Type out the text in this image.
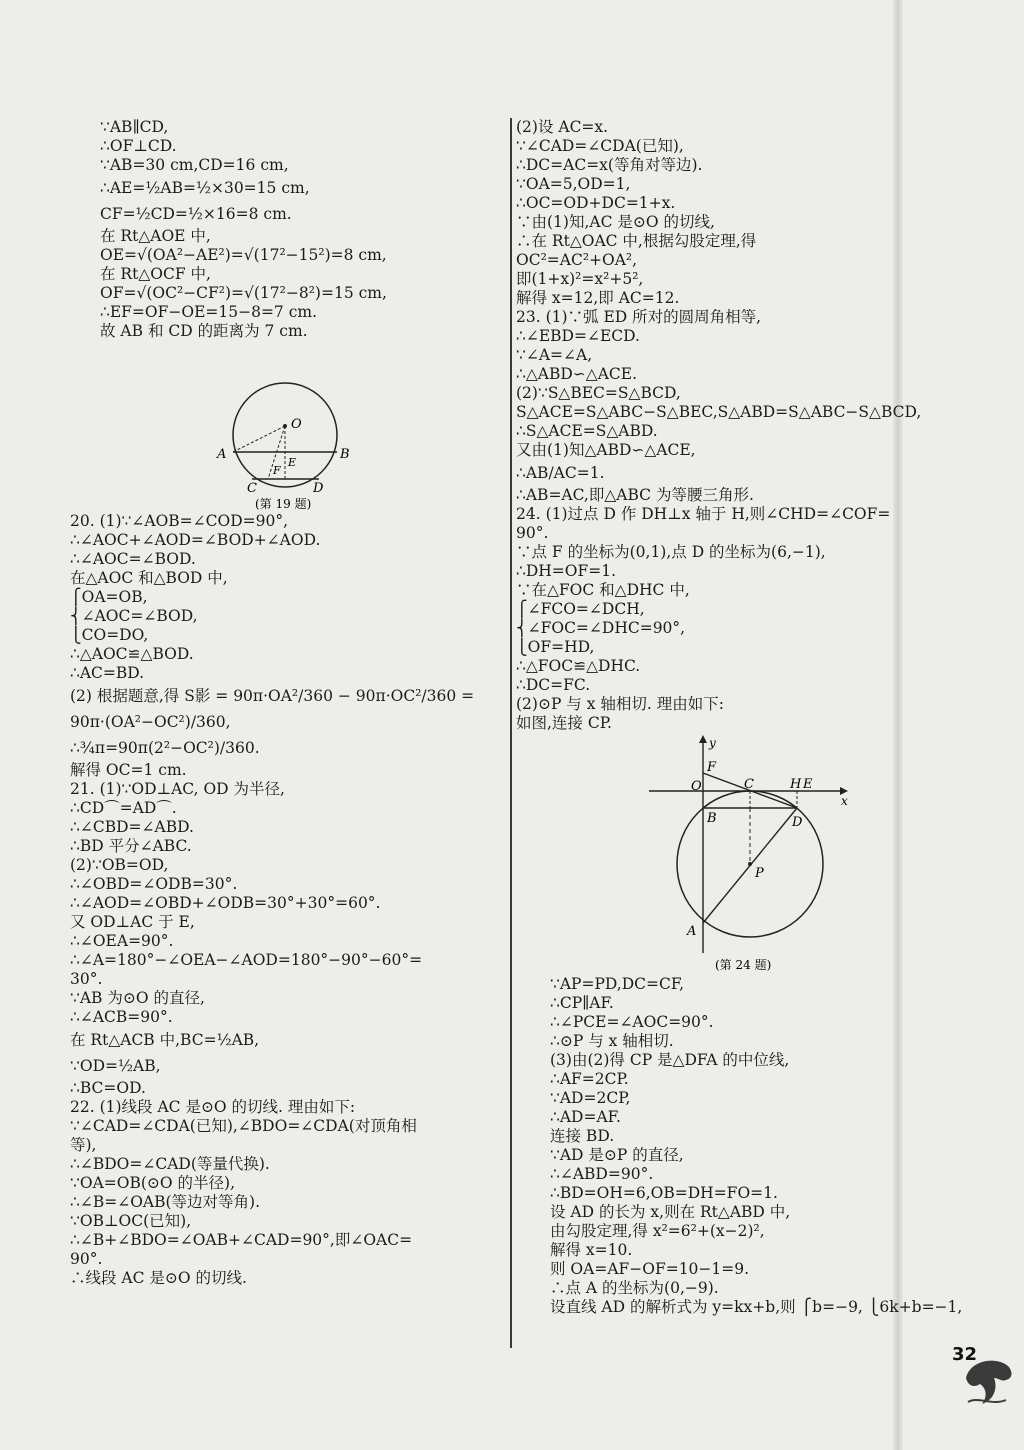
∵AB∥CD,
∴OF⊥CD.
∵AB=30 cm,CD=16 cm,
∴AE=½AB=½×30=15 cm,
CF=½CD=½×16=8 cm.
在 Rt△AOE 中,
OE=√(OA²−AE²)=√(17²−15²)=8 cm,
在 Rt△OCF 中,
OF=√(OC²−CF²)=√(17²−8²)=15 cm,
∴EF=OF−OE=15−8=7 cm.
故 AB 和 CD 的距离为 7 cm.
O
A	B
E
F
C	D
(第 19 题)
20. (1)∵∠AOB=∠COD=90°,
∴∠AOC+∠AOD=∠BOD+∠AOD.
∴∠AOC=∠BOD.
在△AOC 和△BOD 中,
⎧OA=OB,
⎨∠AOC=∠BOD,
⎩CO=DO,
∴△AOC≌△BOD.
∴AC=BD.
(2) 根据题意,得 S影 = 90π·OA²/360 − 90π·OC²/360 =
90π·(OA²−OC²)/360,
∴¾π=90π(2²−OC²)/360.
解得 OC=1 cm.
21. (1)∵OD⊥AC, OD 为半径,
∴CD⌒=AD⌒.
∴∠CBD=∠ABD.
∴BD 平分∠ABC.
(2)∵OB=OD,
∴∠OBD=∠ODB=30°.
∴∠AOD=∠OBD+∠ODB=30°+30°=60°.
又 OD⊥AC 于 E,
∴∠OEA=90°.
∴∠A=180°−∠OEA−∠AOD=180°−90°−60°=
30°.
∵AB 为⊙O 的直径,
∴∠ACB=90°.
在 Rt△ACB 中,BC=½AB,
∵OD=½AB,
∴BC=OD.
22. (1)线段 AC 是⊙O 的切线. 理由如下:
∵∠CAD=∠CDA(已知),∠BDO=∠CDA(对顶角相
等),
∴∠BDO=∠CAD(等量代换).
∵OA=OB(⊙O 的半径),
∴∠B=∠OAB(等边对等角).
∵OB⊥OC(已知),
∴∠B+∠BDO=∠OAB+∠CAD=90°,即∠OAC=
90°.
∴线段 AC 是⊙O 的切线.
(2)设 AC=x.
∵∠CAD=∠CDA(已知),
∴DC=AC=x(等角对等边).
∵OA=5,OD=1,
∴OC=OD+DC=1+x.
∵由(1)知,AC 是⊙O 的切线,
∴在 Rt△OAC 中,根据勾股定理,得
OC²=AC²+OA²,
即(1+x)²=x²+5²,
解得 x=12,即 AC=12.
23. (1)∵弧 ED 所对的圆周角相等,
∴∠EBD=∠ECD.
∵∠A=∠A,
∴△ABD∽△ACE.
(2)∵S△BEC=S△BCD,
S△ACE=S△ABC−S△BEC,S△ABD=S△ABC−S△BCD,
∴S△ACE=S△ABD.
又由(1)知△ABD∽△ACE,
∴AB/AC=1.
∴AB=AC,即△ABC 为等腰三角形.
24. (1)过点 D 作 DH⊥x 轴于 H,则∠CHD=∠COF=
90°.
∵点 F 的坐标为(0,1),点 D 的坐标为(6,−1),
∴DH=OF=1.
∵在△FOC 和△DHC 中,
⎧∠FCO=∠DCH,
⎨∠FOC=∠DHC=90°,
⎩OF=HD,
∴△FOC≌△DHC.
∴DC=FC.
(2)⊙P 与 x 轴相切. 理由如下:
如图,连接 CP.
y
x
F
O	C	H E
B	D
P
A
(第 24 题)
∵AP=PD,DC=CF,
∴CP∥AF.
∴∠PCE=∠AOC=90°.
∴⊙P 与 x 轴相切.
(3)由(2)得 CP 是△DFA 的中位线,
∴AF=2CP.
∵AD=2CP,
∴AD=AF.
连接 BD.
∵AD 是⊙P 的直径,
∴∠ABD=90°.
∴BD=OH=6,OB=DH=FO=1.
设 AD 的长为 x,则在 Rt△ABD 中,
由勾股定理,得 x²=6²+(x−2)²,
解得 x=10.
则 OA=AF−OF=10−1=9.
∴点 A 的坐标为(0,−9).
设直线 AD 的解析式为 y=kx+b,则 ⎧b=−9, ⎩6k+b=−1,
32
